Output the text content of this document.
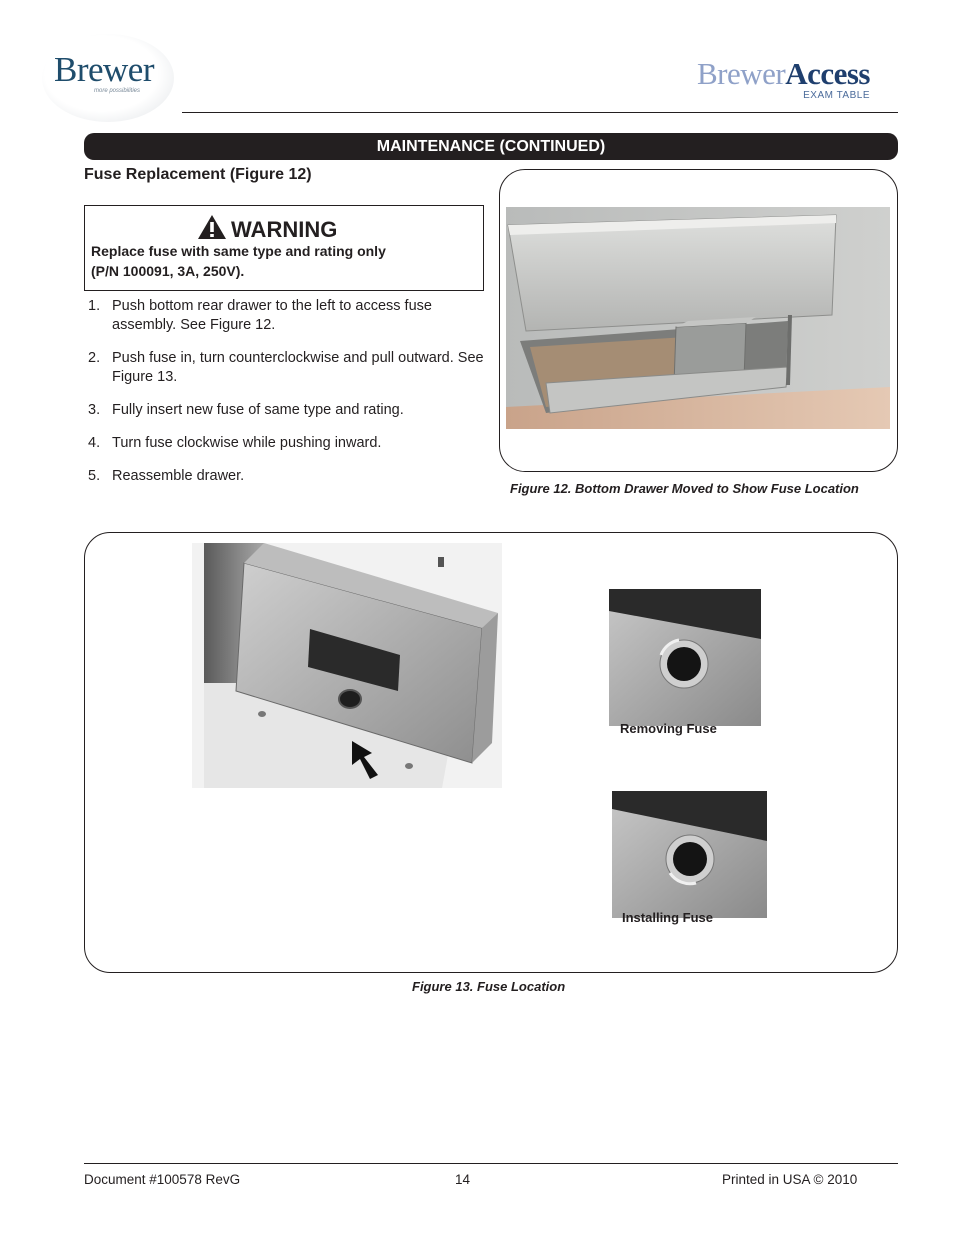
Brewer
more possibilities	BrewerAccess
EXAM TABLE
MAINTENANCE (CONTINUED)
Fuse Replacement (Figure 12)
WARNING
Replace fuse with same type and rating only
(P/N 100091, 3A, 250V).
1. Push bottom rear drawer to the left to access fuse assembly. See Figure 12.
2. Push fuse in, turn counterclockwise and pull outward. See Figure 13.
3. Fully insert new fuse of same type and rating.
4. Turn fuse clockwise while pushing inward.
5. Reassemble drawer.
Figure 12. Bottom Drawer Moved to Show Fuse Location
Removing Fuse
Installing Fuse
Figure 13. Fuse Location
Document #100578 RevG	14	Printed in USA © 2010
